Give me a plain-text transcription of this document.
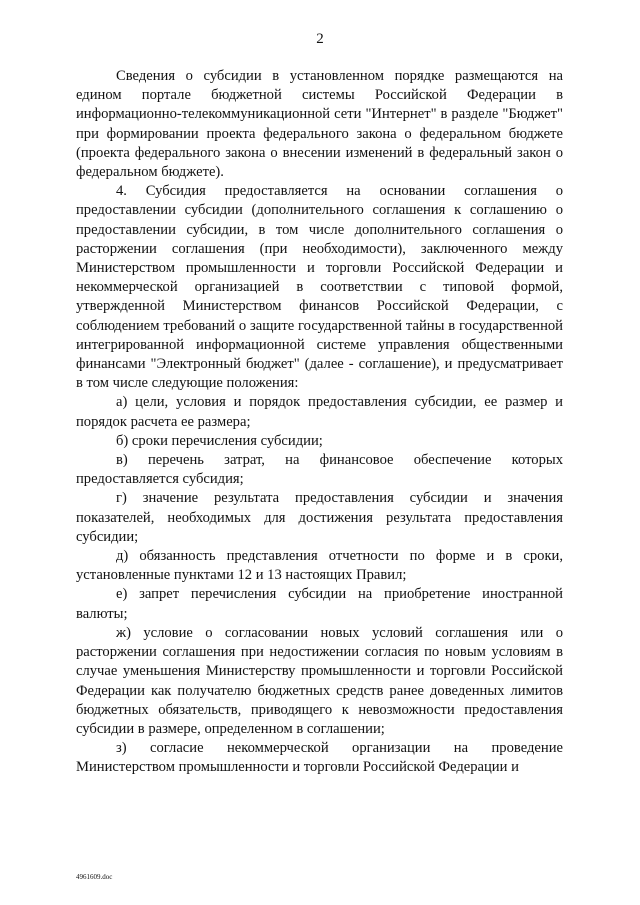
2

Сведения о субсидии в установленном порядке размещаются на едином портале бюджетной системы Российской Федерации в информационно-телекоммуникационной сети "Интернет" в разделе "Бюджет" при формировании проекта федерального закона о федеральном бюджете (проекта федерального закона о внесении изменений в федеральный закон о федеральном бюджете).

4. Субсидия предоставляется на основании соглашения о предоставлении субсидии (дополнительного соглашения к соглашению о предоставлении субсидии, в том числе дополнительного соглашения о расторжении соглашения (при необходимости), заключенного между Министерством промышленности и торговли Российской Федерации и некоммерческой организацией в соответствии с типовой формой, утвержденной Министерством финансов Российской Федерации, с соблюдением требований о защите государственной тайны в государственной интегрированной информационной системе управления общественными финансами "Электронный бюджет" (далее - соглашение), и предусматривает в том числе следующие положения:

а) цели, условия и порядок предоставления субсидии, ее размер и порядок расчета ее размера;

б) сроки перечисления субсидии;

в) перечень затрат, на финансовое обеспечение которых предоставляется субсидия;

г) значение результата предоставления субсидии и значения показателей, необходимых для достижения результата предоставления субсидии;

д) обязанность представления отчетности по форме и в сроки, установленные пунктами 12 и 13 настоящих Правил;

е) запрет перечисления субсидии на приобретение иностранной валюты;

ж) условие о согласовании новых условий соглашения или о расторжении соглашения при недостижении согласия по новым условиям в случае уменьшения Министерству промышленности и торговли Российской Федерации как получателю бюджетных средств ранее доведенных лимитов бюджетных обязательств, приводящего к невозможности предоставления субсидии в размере, определенном в соглашении;

з) согласие некоммерческой организации на проведение Министерством промышленности и торговли Российской Федерации и

4961609.doc
